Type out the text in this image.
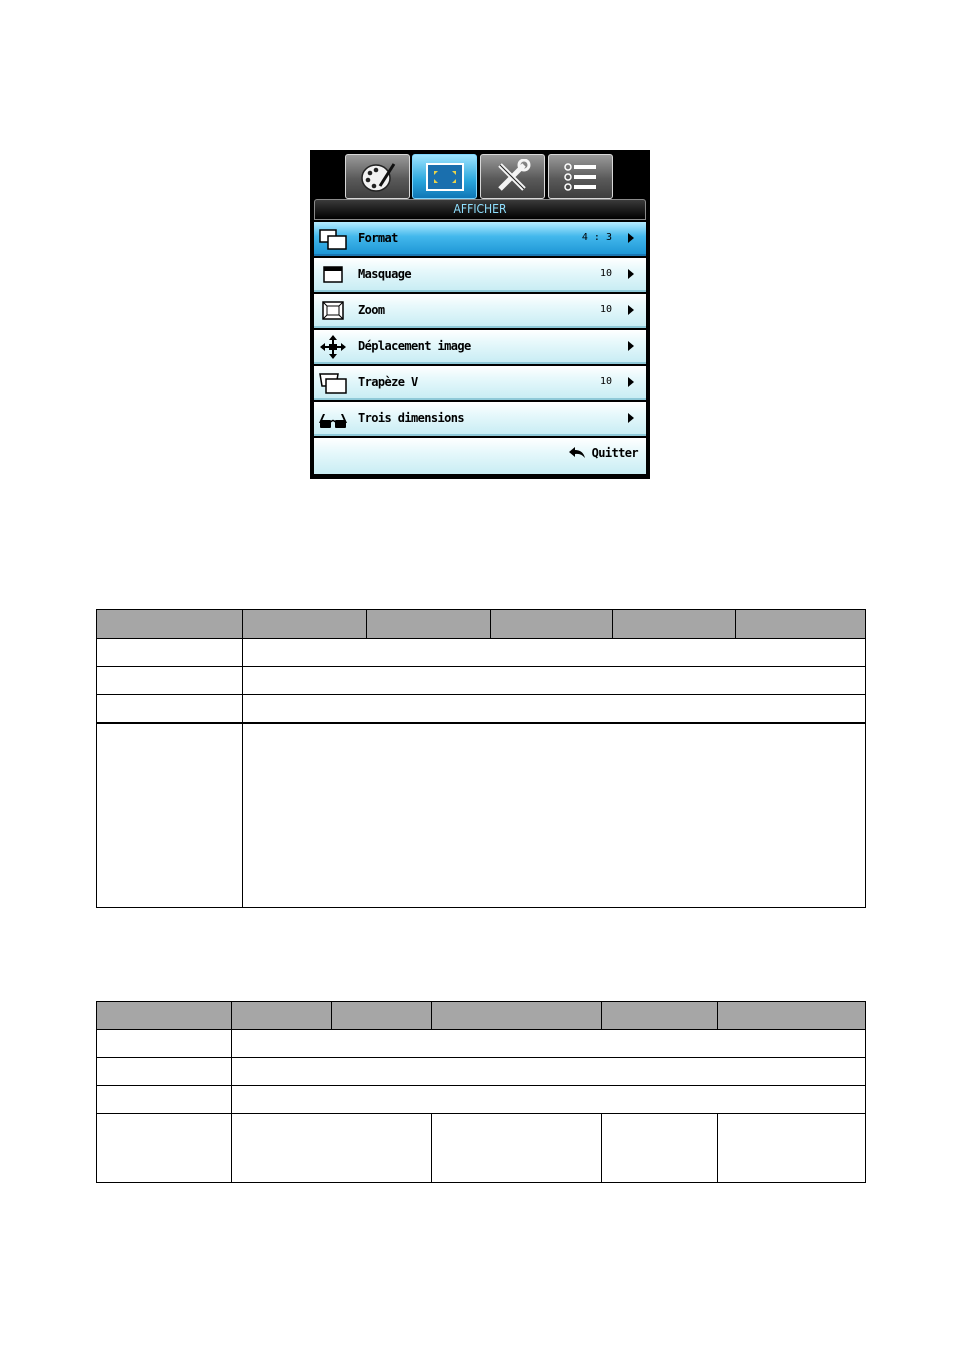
AFFICHER
Format	4 : 3
Masquage	10
Zoom	10
Déplacement image
Trapèze V	10
Trois dimensions
Quitter
